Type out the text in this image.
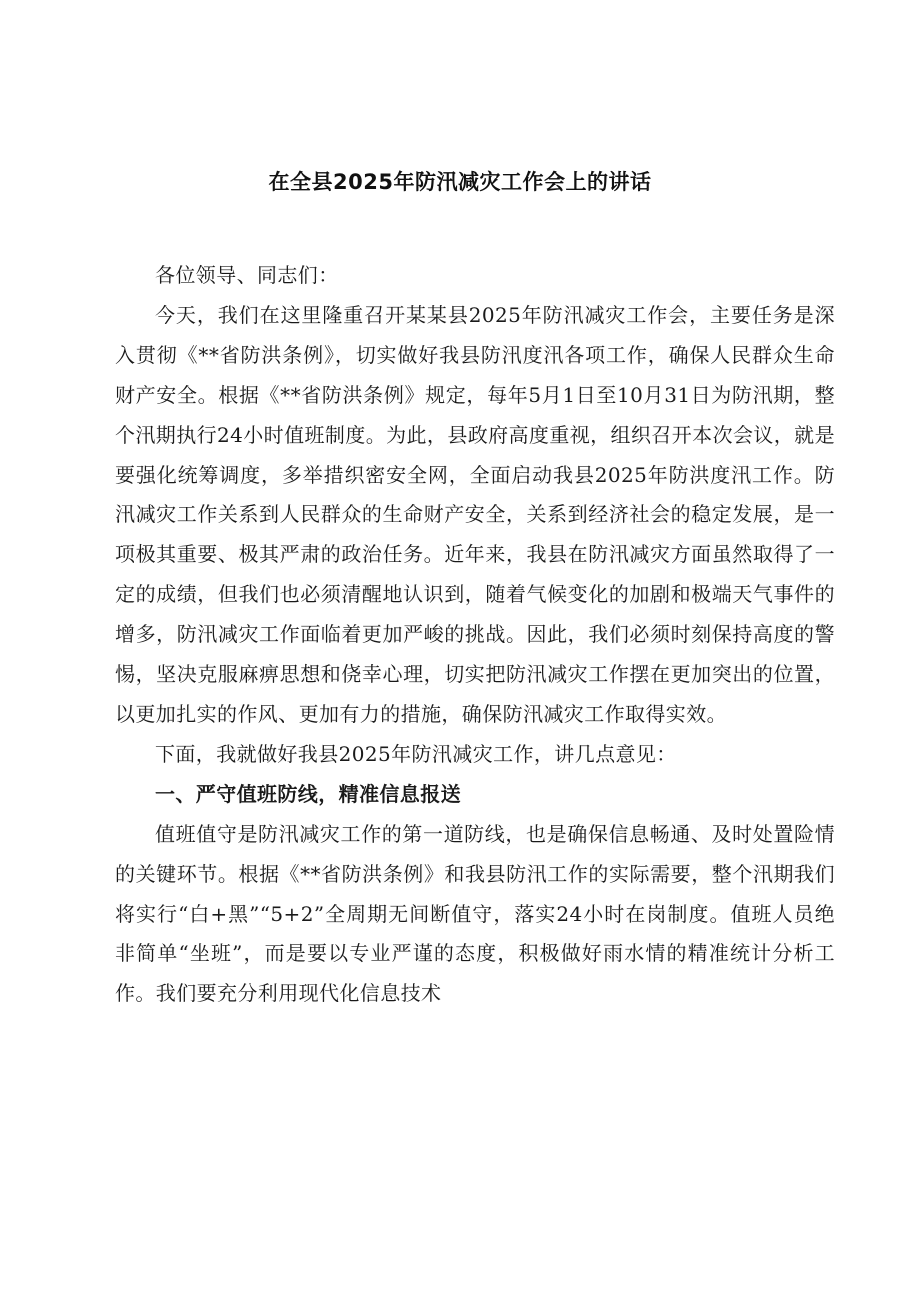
在全县2025年防汛减灾工作会上的讲话

各位领导、同志们：

今天，我们在这里隆重召开某某县2025年防汛减灾工作会，主要任务是深入贯彻《**省防洪条例》，切实做好我县防汛度汛各项工作，确保人民群众生命财产安全。根据《**省防洪条例》规定，每年5月1日至10月31日为防汛期，整个汛期执行24小时值班制度。为此，县政府高度重视，组织召开本次会议，就是要强化统筹调度，多举措织密安全网，全面启动我县2025年防洪度汛工作。防汛减灾工作关系到人民群众的生命财产安全，关系到经济社会的稳定发展，是一项极其重要、极其严肃的政治任务。近年来，我县在防汛减灾方面虽然取得了一定的成绩，但我们也必须清醒地认识到，随着气候变化的加剧和极端天气事件的增多，防汛减灾工作面临着更加严峻的挑战。因此，我们必须时刻保持高度的警惕，坚决克服麻痹思想和侥幸心理，切实把防汛减灾工作摆在更加突出的位置，以更加扎实的作风、更加有力的措施，确保防汛减灾工作取得实效。

下面，我就做好我县2025年防汛减灾工作，讲几点意见：

一、严守值班防线，精准信息报送

值班值守是防汛减灾工作的第一道防线，也是确保信息畅通、及时处置险情的关键环节。根据《**省防洪条例》和我县防汛工作的实际需要，整个汛期我们将实行“白+黑”“5+2”全周期无间断值守，落实24小时在岗制度。值班人员绝非简单“坐班”，而是要以专业严谨的态度，积极做好雨水情的精准统计分析工作。我们要充分利用现代化信息技术
